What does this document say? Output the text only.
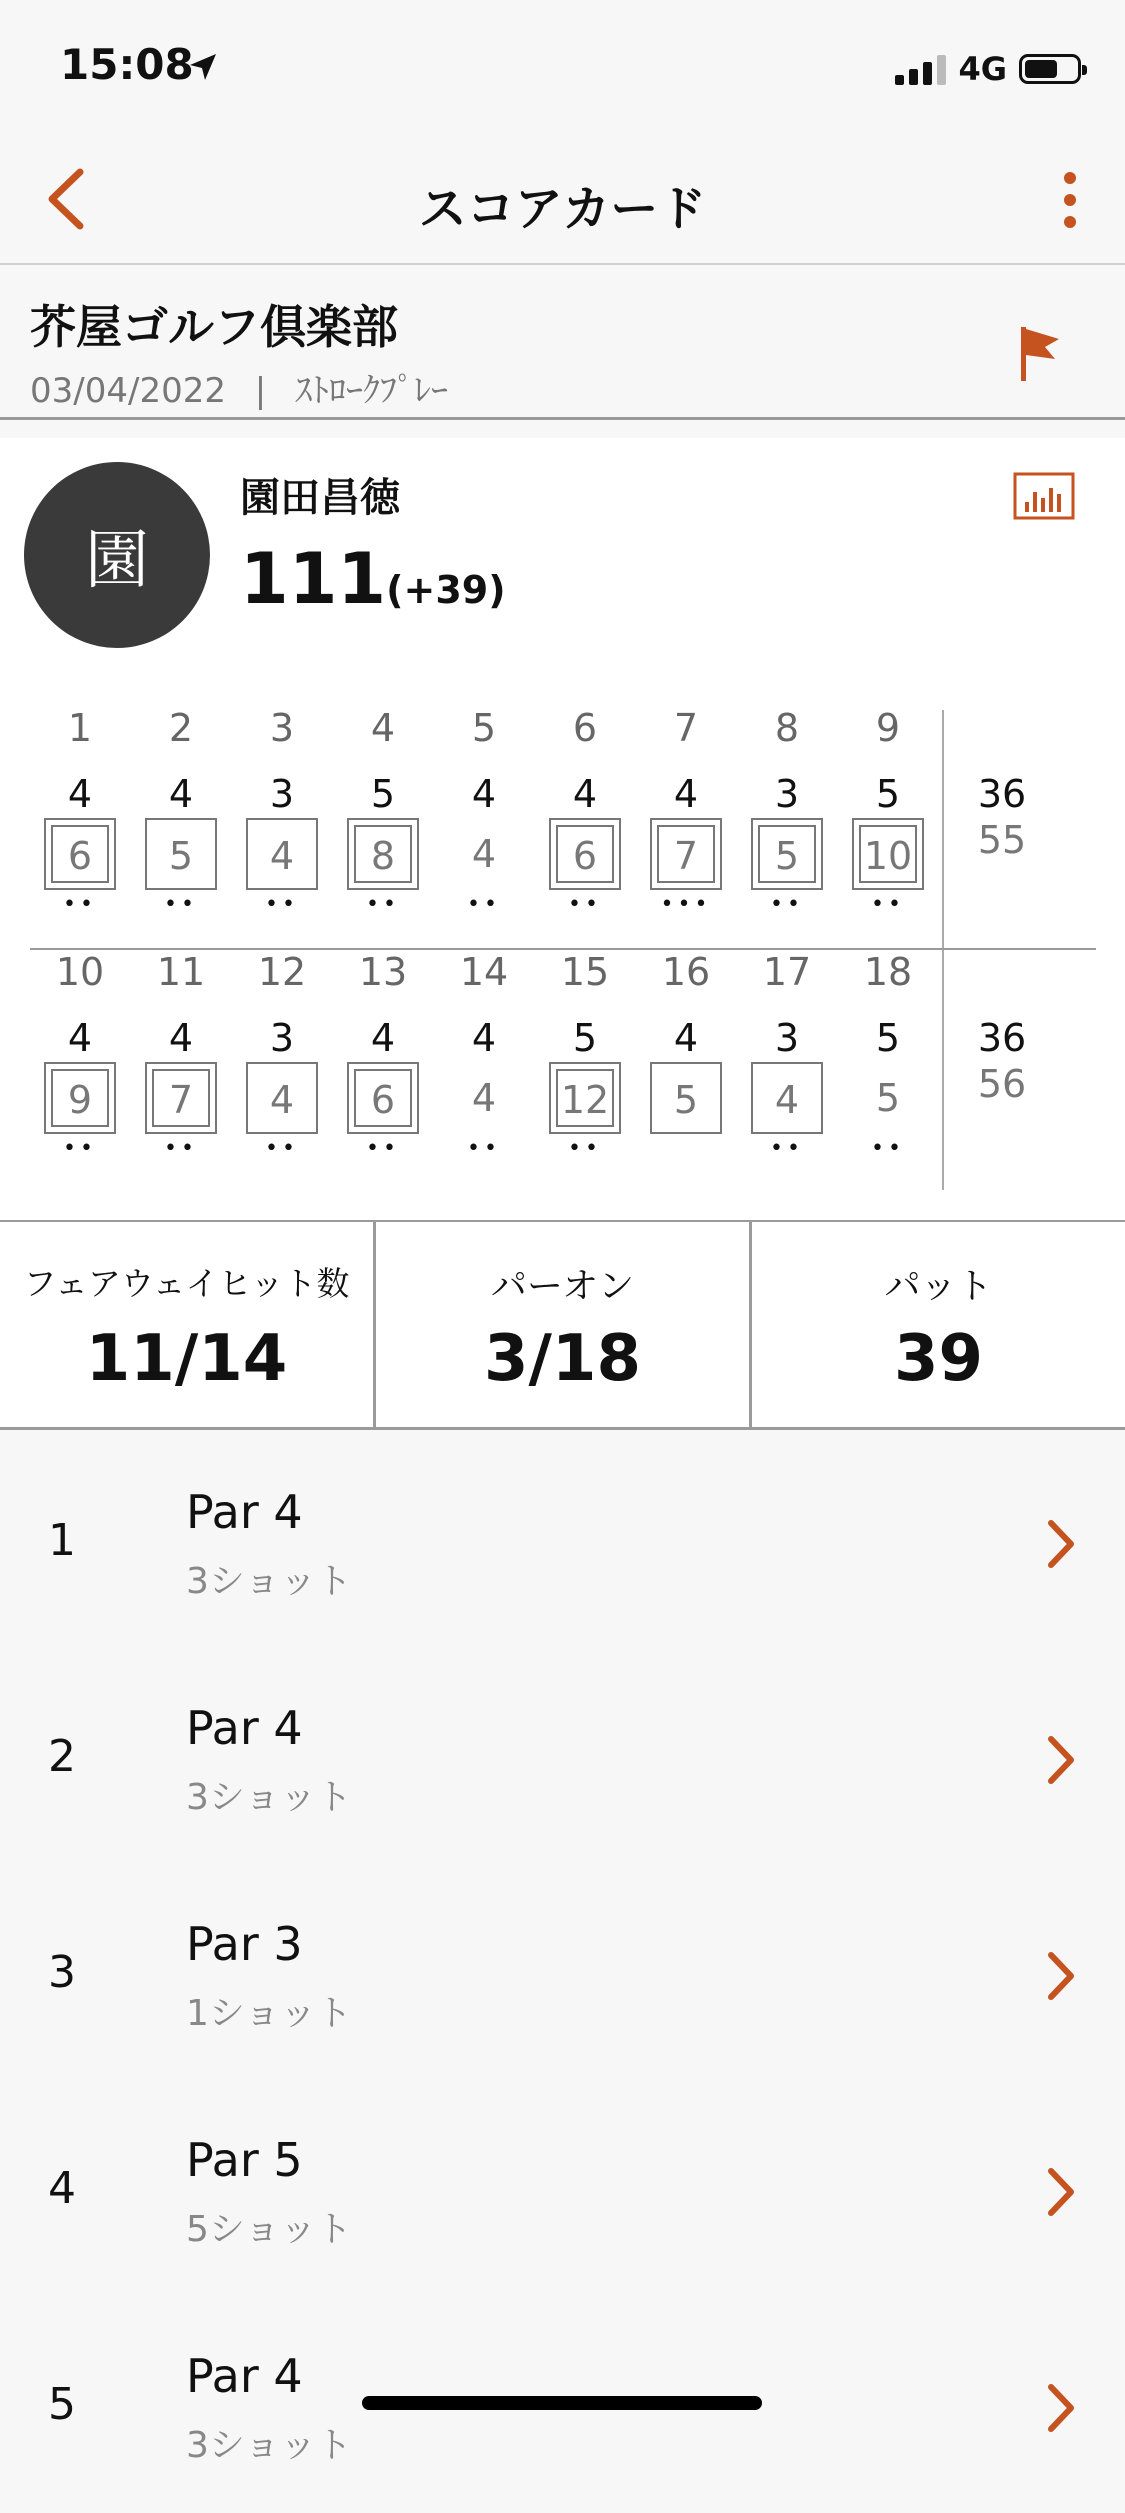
15:08	4G
スコアカード
芥屋ゴルフ倶楽部
03/04/2022 | ｽﾄﾛｰｸﾌﾟﾚｰ
園
園田昌徳
111(+39)
1
4
6
••
2
4
5
••
3
3
4
••
4
5
8
••
5
4
4
••
6
4
6
••
7
4
7
•••
8
3
5
••
9
5
10
••
36
55
10
4
9
••
11
4
7
••
12
3
4
••
13
4
6
••
14
4
4
••
15
5
12
••
16
4
5
17
3
4
••
18
5
5
••
36
56
フェアウェイヒット数
11/14
パーオン
3/18
パット
39
1
Par 4
3ショット
2
Par 4
3ショット
3
Par 3
1ショット
4
Par 5
5ショット
5
Par 4
3ショット
